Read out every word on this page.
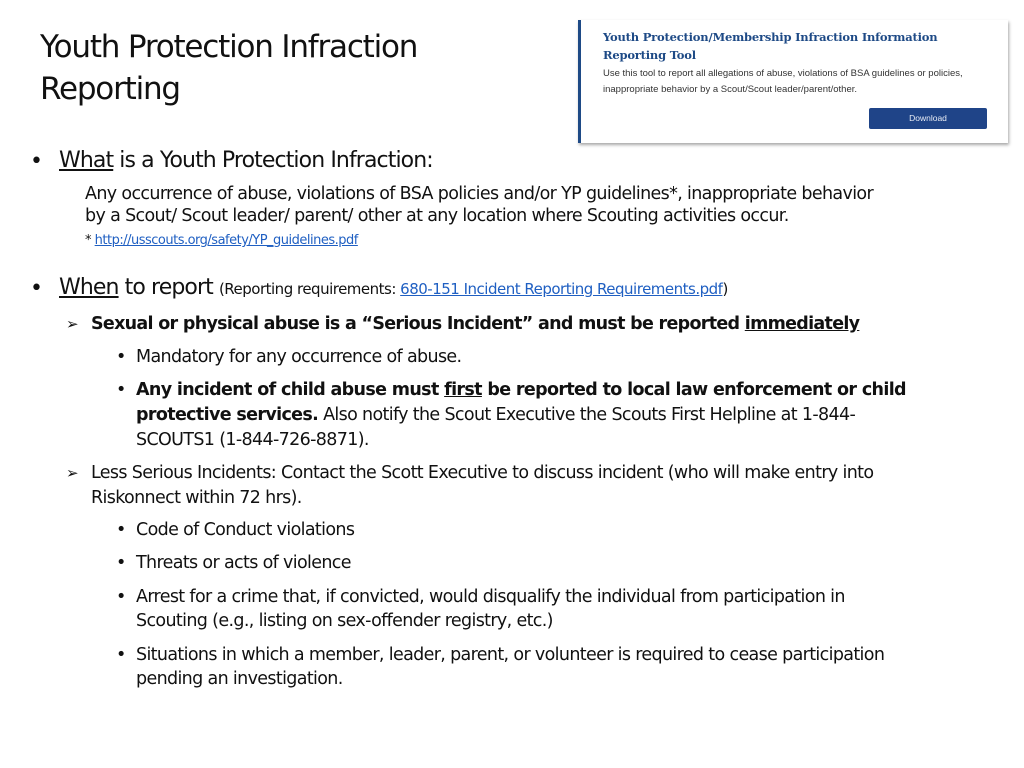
Youth Protection Infraction
Reporting
Youth Protection/Membership Infraction Information
Reporting Tool
Use this tool to report all allegations of abuse, violations of BSA guidelines or policies,
inappropriate behavior by a Scout/Scout leader/parent/other.
Download
• What is a Youth Protection Infraction:
Any occurrence of abuse, violations of BSA policies and/or YP guidelines*, inappropriate behavior
by a Scout/ Scout leader/ parent/ other at any location where Scouting activities occur.
* http://usscouts.org/safety/YP_guidelines.pdf
• When to report (Reporting requirements: 680-151 Incident Reporting Requirements.pdf)
➢ Sexual or physical abuse is a “Serious Incident” and must be reported immediately
• Mandatory for any occurrence of abuse.
• Any incident of child abuse must first be reported to local law enforcement or child
protective services. Also notify the Scout Executive the Scouts First Helpline at 1-844-
SCOUTS1 (1-844-726-8871).
➢ Less Serious Incidents: Contact the Scott Executive to discuss incident (who will make entry into
Riskonnect within 72 hrs).
• Code of Conduct violations
• Threats or acts of violence
• Arrest for a crime that, if convicted, would disqualify the individual from participation in
Scouting (e.g., listing on sex-offender registry, etc.)
• Situations in which a member, leader, parent, or volunteer is required to cease participation
pending an investigation.
